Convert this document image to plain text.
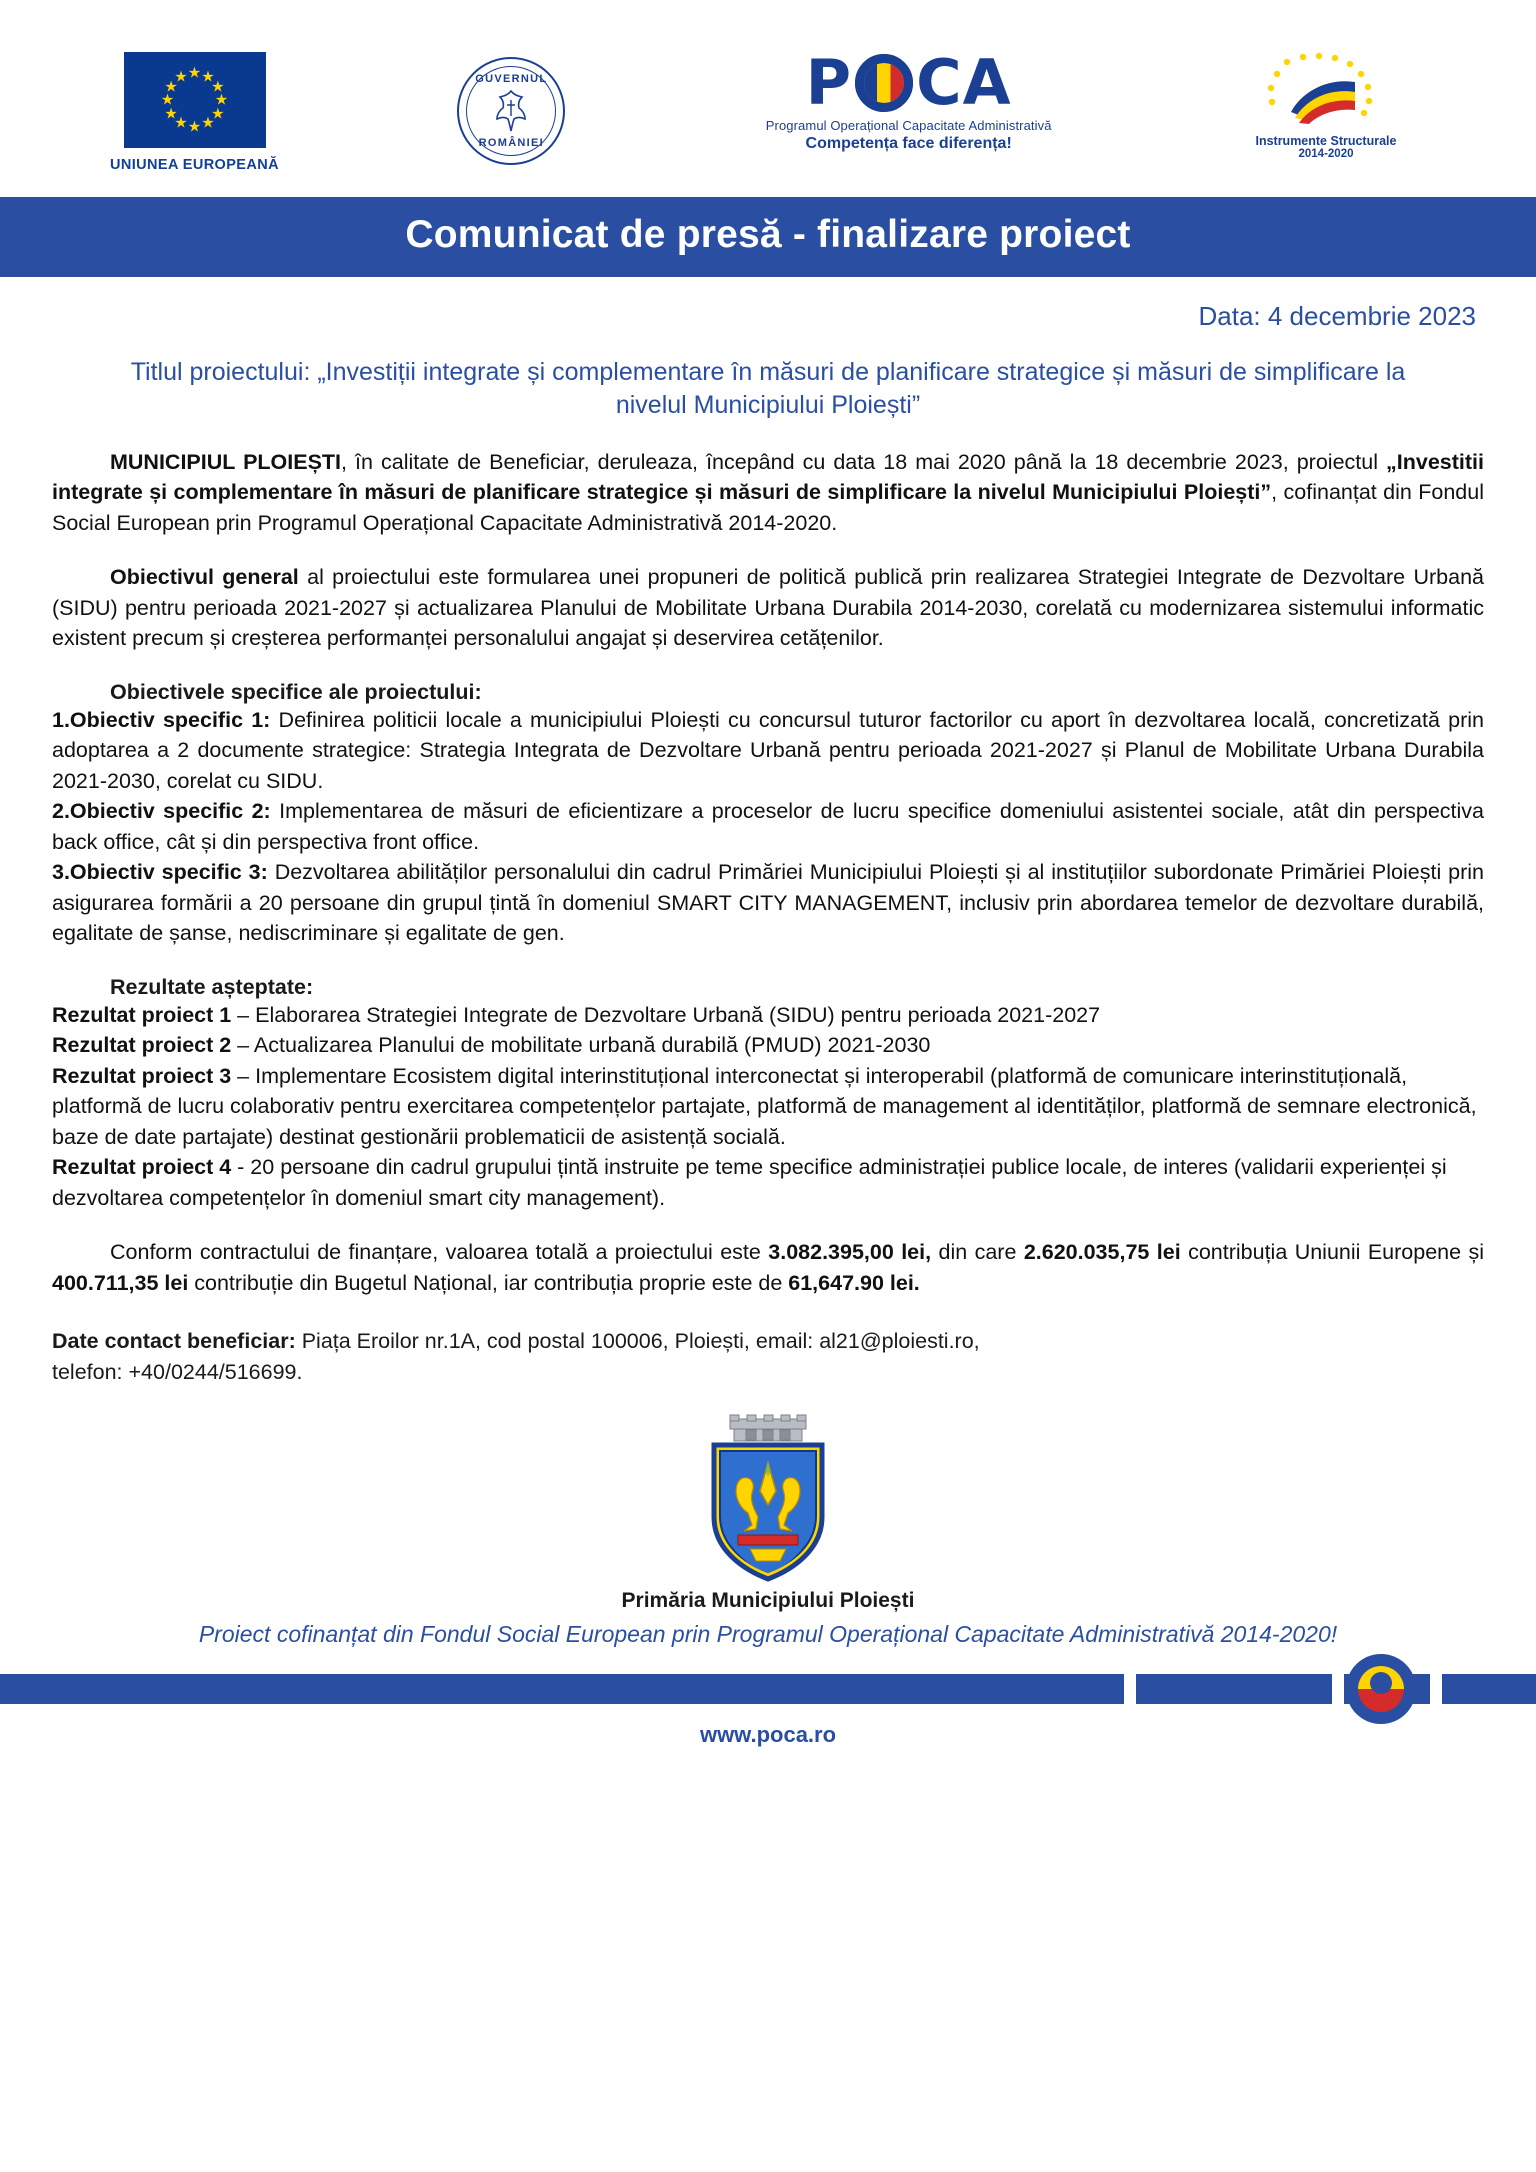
★ ★
★
★
★
★
★
★
★
★
★
★
UNIUNEA EUROPEANĂ
GUVERNUL
ROMÂNIEI
P C A
Programul Operațional Capacitate Administrativă
Competența face diferența!	Instrumente Structurale
2014-2020
Comunicat de presă - finalizare proiect
Data: 4 decembrie 2023
Titlul proiectului: „Investiții integrate și complementare în măsuri de planificare strategice și măsuri de simplificare la nivelul Municipiului Ploiești”

MUNICIPIUL PLOIEȘTI, în calitate de Beneficiar, deruleaza, începând cu data 18 mai 2020 până la 18 decembrie 2023, proiectul „Investitii integrate și complementare în măsuri de planificare strategice și măsuri de simplificare la nivelul Municipiului Ploiești”, cofinanțat din Fondul Social European prin Programul Operațional Capacitate Administrativă 2014-2020.

Obiectivul general al proiectului este formularea unei propuneri de politică publică prin realizarea Strategiei Integrate de Dezvoltare Urbană (SIDU) pentru perioada 2021-2027 și actualizarea Planului de Mobilitate Urbana Durabila 2014-2030, corelată cu modernizarea sistemului informatic existent precum și creșterea performanței personalului angajat și deservirea cetățenilor.

Obiectivele specifice ale proiectului:

1.Obiectiv specific 1: Definirea politicii locale a municipiului Ploiești cu concursul tuturor factorilor cu aport în dezvoltarea locală, concretizată prin adoptarea a 2 documente strategice: Strategia Integrata de Dezvoltare Urbană pentru perioada 2021-2027 și Planul de Mobilitate Urbana Durabila 2021-2030, corelat cu SIDU.

2.Obiectiv specific 2: Implementarea de măsuri de eficientizare a proceselor de lucru specifice domeniului asistentei sociale, atât din perspectiva back office, cât și din perspectiva front office.

3.Obiectiv specific 3: Dezvoltarea abilităților personalului din cadrul Primăriei Municipiului Ploiești și al instituțiilor subordonate Primăriei Ploiești prin asigurarea formării a 20 persoane din grupul țintă în domeniul SMART CITY MANAGEMENT, inclusiv prin abordarea temelor de dezvoltare durabilă, egalitate de șanse, nediscriminare și egalitate de gen.

Rezultate așteptate:

Rezultat proiect 1 – Elaborarea Strategiei Integrate de Dezvoltare Urbană (SIDU) pentru perioada 2021-2027

Rezultat proiect 2 – Actualizarea Planului de mobilitate urbană durabilă (PMUD) 2021-2030

Rezultat proiect 3 – Implementare Ecosistem digital interinstituțional interconectat și interoperabil (platformă de comunicare interinstituțională, platformă de lucru colaborativ pentru exercitarea competențelor partajate, platformă de management al identităților, platformă de semnare electronică, baze de date partajate) destinat gestionării problematicii de asistență socială.

Rezultat proiect 4 - 20 persoane din cadrul grupului țintă instruite pe teme specifice administrației publice locale, de interes (validarii experienței și dezvoltarea competențelor în domeniul smart city management).

Conform contractului de finanțare, valoarea totală a proiectului este 3.082.395,00 lei, din care 2.620.035,75 lei contribuția Uniunii Europene și 400.711,35 lei contribuție din Bugetul Național, iar contribuția proprie este de 61,647.90 lei.

Date contact beneficiar: Piața Eroilor nr.1A, cod postal 100006, Ploiești, email: al21@ploiesti.ro,
telefon: +40/0244/516699.

Primăria Municipiului Ploiești
Proiect cofinanțat din Fondul Social European prin Programul Operațional Capacitate Administrativă 2014-2020!
www.poca.ro
